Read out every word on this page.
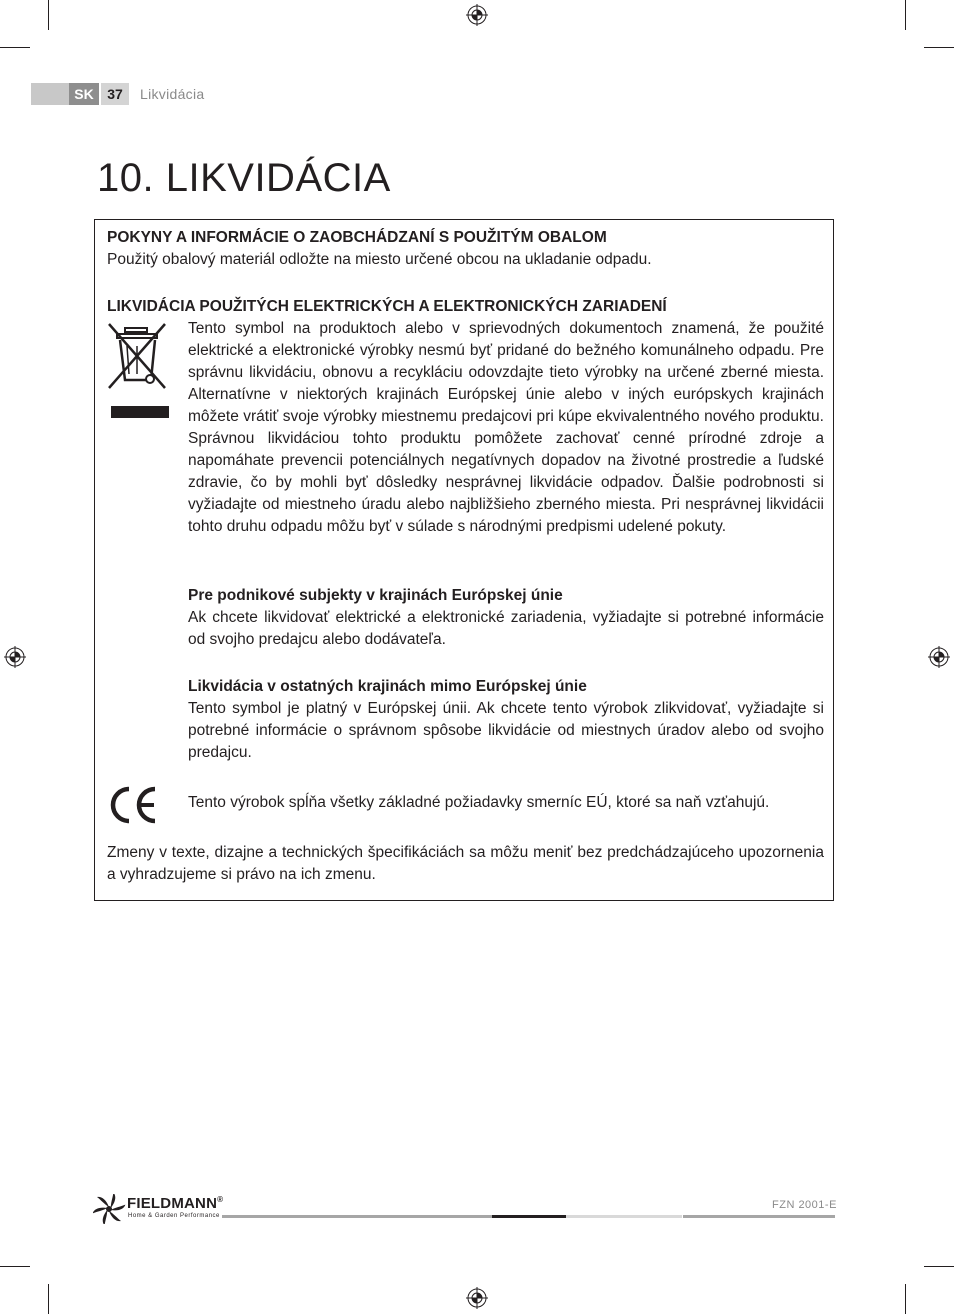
SK 37	Likvidácia
10. LIKVIDÁCIA
POKYNY A INFORMÁCIE O ZAOBCHÁDZANÍ S POUŽITÝM OBALOM
Použitý obalový materiál odložte na miesto určené obcou na ukladanie odpadu.
LIKVIDÁCIA POUŽITÝCH ELEKTRICKÝCH A ELEKTRONICKÝCH ZARIADENÍ
Tento symbol na produktoch alebo v sprievodných dokumentoch znamená, že použité elektrické a elektronické výrobky nesmú byť pridané do bežného komunálneho odpadu. Pre správnu likvidáciu, obnovu a recykláciu odovzdajte tieto výrobky na určené zberné miesta. Alternatívne v niektorých krajinách Európskej únie alebo v iných európskych krajinách môžete vrátiť svoje výrobky miestnemu predajcovi pri kúpe ekvivalentného nového produktu. Správnou likvidáciou tohto produktu pomôžete zachovať cenné prírodné zdroje a napomáhate prevencii potenciálnych negatívnych dopadov na životné prostredie a ľudské zdravie, čo by mohli byť dôsledky nesprávnej likvidácie odpadov. Ďalšie podrobnosti si vyžiadajte od miestneho úradu alebo najbližšieho zberného miesta. Pri nesprávnej likvidácii tohto druhu odpadu môžu byť v súlade s národnými predpismi udelené pokuty.
Pre podnikové subjekty v krajinách Európskej únie
Ak chcete likvidovať elektrické a elektronické zariadenia, vyžiadajte si potrebné informácie od svojho predajcu alebo dodávateľa.
Likvidácia v ostatných krajinách mimo Európskej únie
Tento symbol je platný v Európskej únii. Ak chcete tento výrobok zlikvidovať, vyžiadajte si potrebné informácie o správnom spôsobe likvidácie od miestnych úradov alebo od svojho predajcu.
Tento výrobok spĺňa všetky základné požiadavky smerníc EÚ, ktoré sa naň vzťahujú.
Zmeny v texte, dizajne a technických špecifikáciách sa môžu meniť bez predchádzajúceho upozornenia a vyhradzujeme si právo na ich zmenu.
FIELDMANN®
Home & Garden Performance
FZN 2001-E
